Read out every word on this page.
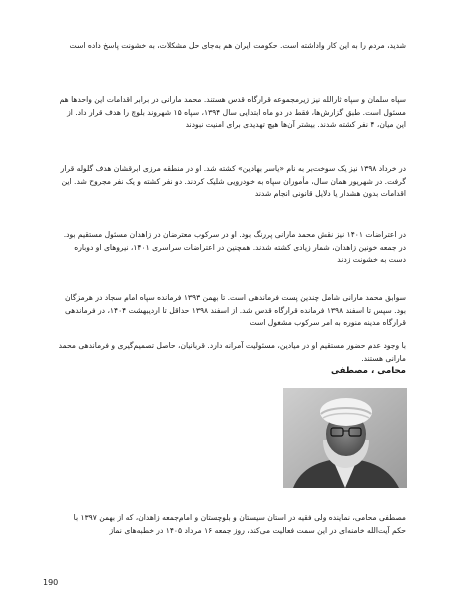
شدید، مردم را به این کار واداشته است. حکومت ایران هم به‌جای حل مشکلات، به خشونت پاسخ داده است

سپاه سلمان و سپاه ثارالله نیز زیرمجموعه قرارگاه قدس هستند. محمد مارانی در برابر اقدامات این واحدها هم مسئول است. طبق گزارش‌ها، فقط در دو ماه ابتدایی سال ۱۳۹۴، سپاه ۱۵ شهروند بلوچ را هدف قرار داد. از این میان، ۴ نفر کشته شدند. بیشتر آن‌ها هیچ تهدیدی برای امنیت نبودند

در خرداد ۱۳۹۸ نیز یک سوخت‌بر به نام «یاسر بهادین» کشته شد. او در منطقه مرزی ابرقشان هدف گلوله قرار گرفت. در شهریور همان سال، مأموران سپاه به خودرویی شلیک کردند. دو نفر کشته و یک نفر مجروح شد. این اقدامات بدون هشدار یا دلایل قانونی انجام شدند

در اعتراضات ۱۴۰۱ نیز نقش محمد مارانی پررنگ بود. او در سرکوب معترضان در زاهدان مسئول مستقیم بود. در جمعه خونین زاهدان، شمار زیادی کشته شدند. همچنین در اعتراضات سراسری ۱۴۰۱، نیروهای او دوباره دست به خشونت زدند

سوابق محمد مارانی شامل چندین پست فرماندهی است. تا بهمن ۱۳۹۳ فرمانده سپاه امام سجاد در هرمزگان بود. سپس تا اسفند ۱۳۹۸ فرمانده قرارگاه قدس شد. از اسفند ۱۳۹۸ حداقل تا اردیبهشت ۱۴۰۴، در فرماندهی قرارگاه مدینه منوره به امر سرکوب مشغول است

با وجود عدم حضور مستقیم او در میادین، مسئولیت آمرانه دارد. قربانیان، حاصل تصمیم‌گیری و فرماندهی محمد مارانی هستند.

محامی ، مصطفی

مصطفی محامی، نماینده ولی فقیه در استان سیستان و بلوچستان و امام‌جمعه زاهدان، که از بهمن ۱۳۹۷ با حکم آیت‌الله خامنه‌ای در این سمت فعالیت می‌کند، روز جمعه ۱۶ مرداد ۱۴۰۵ در خطبه‌های نماز

190
